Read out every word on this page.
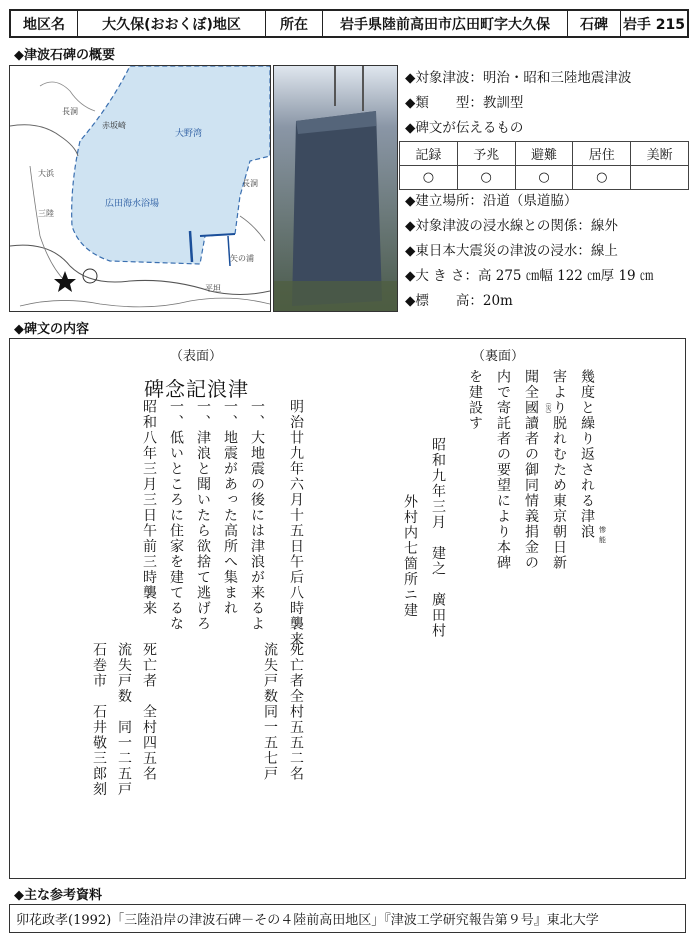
地区名	大久保(おおくぼ)地区	所在	岩手県陸前高田市広田町字大久保	石碑	岩手 215
◆津波石碑の概要
大野湾
広田海水浴場
赤坂崎
平坦
矢の浦
長洞
大浜
三陸
長洞
◆対象津波：明治・昭和三陸地震津波
◆類　　型：教訓型
◆碑文が伝えるもの
記録	予兆	避難	居住	美断
○	○	○	○	
◆建立場所：沿道（県道脇）
◆対象津波の浸水線との関係：線外
◆東日本大震災の津波の浸水：線上
◆大 き さ：高 275 ㎝幅 122 ㎝厚 19 ㎝
◆標　　高：20m
◆碑文の内容
（表面）	（裏面）
碑念記浪津
明治廿九年六月十五日午后八時襲来
一、大地震の後には津浪が来るよ
一、地震があった高所へ集まれ
一、津浪と聞いたら欲捨て逃げろ
一、低いところに住家を建てるな
昭和八年三月三日午前三時襲来
死亡者全村五五二名
流失戸数同一五七戸
死亡者　全村四五名
流失戸数　同一二五戸
石巻市　石井敬三郎刻
幾度と繰り返される津浪
害より脱れむため東京朝日新
聞全國讀者の御同情義捐金の
内で寄託者の要望により本碑
を建設す
昭和九年三月　建之　廣田村
外村内七箇所ニ建	惨
能
（災）
◆主な参考資料
卯花政孝(1992)「三陸沿岸の津波石碑－その４陸前高田地区」『津波工学研究報告第９号』東北大学
